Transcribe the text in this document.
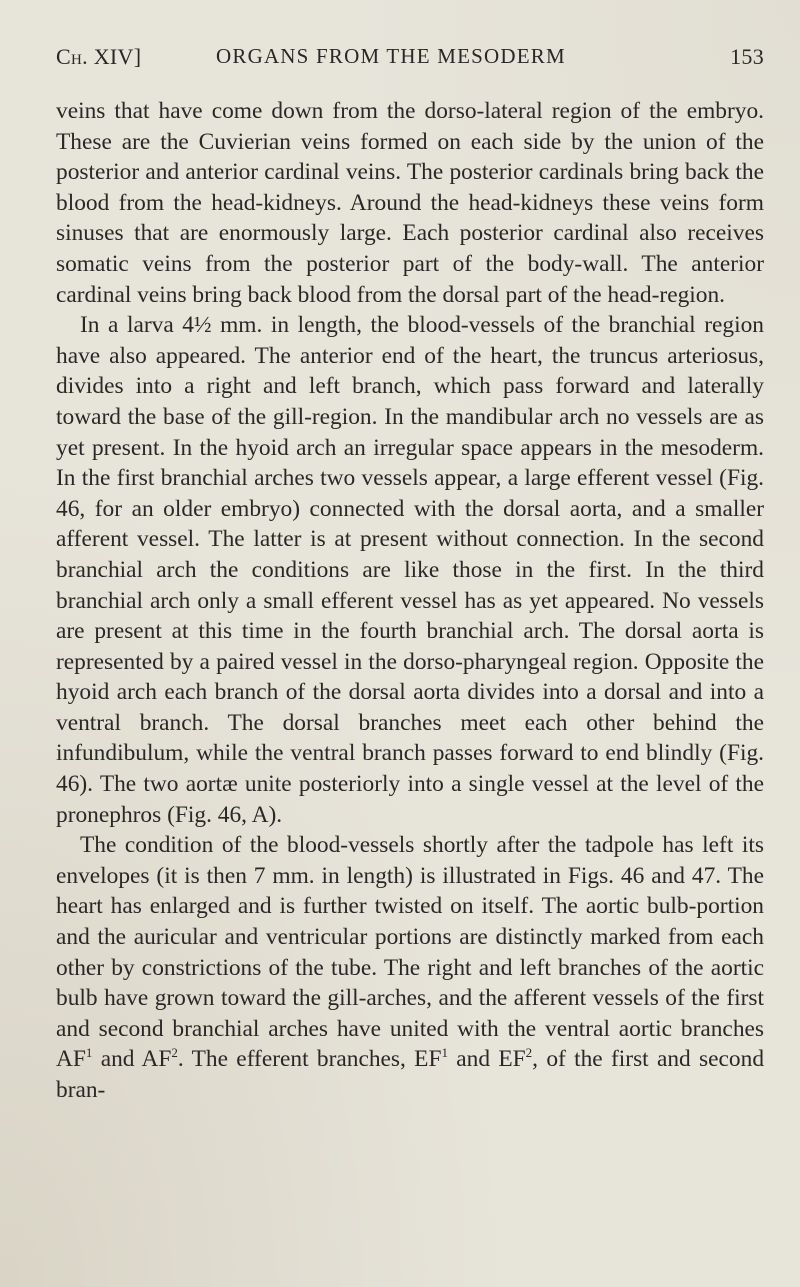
Ch. XIV]	ORGANS FROM THE MESODERM	153

veins that have come down from the dorso-lateral region of the embryo. These are the Cuvierian veins formed on each side by the union of the posterior and anterior cardinal veins. The posterior cardinals bring back the blood from the head-kidneys. Around the head-kidneys these veins form sinuses that are enormously large. Each posterior cardinal also receives somatic veins from the posterior part of the body-wall. The anterior cardinal veins bring back blood from the dorsal part of the head-region.

In a larva 4½ mm. in length, the blood-vessels of the branchial region have also appeared. The anterior end of the heart, the truncus arteriosus, divides into a right and left branch, which pass forward and laterally toward the base of the gill-region. In the mandibular arch no vessels are as yet present. In the hyoid arch an irregular space appears in the mesoderm. In the first branchial arches two vessels appear, a large efferent vessel (Fig. 46, for an older embryo) connected with the dorsal aorta, and a smaller afferent vessel. The latter is at present without connection. In the second branchial arch the conditions are like those in the first. In the third branchial arch only a small efferent vessel has as yet appeared. No vessels are present at this time in the fourth branchial arch. The dorsal aorta is represented by a paired vessel in the dorso-pharyngeal region. Opposite the hyoid arch each branch of the dorsal aorta divides into a dorsal and into a ventral branch. The dorsal branches meet each other behind the infundibulum, while the ventral branch passes forward to end blindly (Fig. 46). The two aortæ unite posteriorly into a single vessel at the level of the pronephros (Fig. 46, A).

The condition of the blood-vessels shortly after the tadpole has left its envelopes (it is then 7 mm. in length) is illustrated in Figs. 46 and 47. The heart has enlarged and is further twisted on itself. The aortic bulb-portion and the auricular and ventricular portions are distinctly marked from each other by constrictions of the tube. The right and left branches of the aortic bulb have grown toward the gill-arches, and the afferent vessels of the first and second branchial arches have united with the ventral aortic branches $AF^1$ and $AF^2$. The efferent branches, $EF^1$ and $EF^2$, of the first and second bran-
